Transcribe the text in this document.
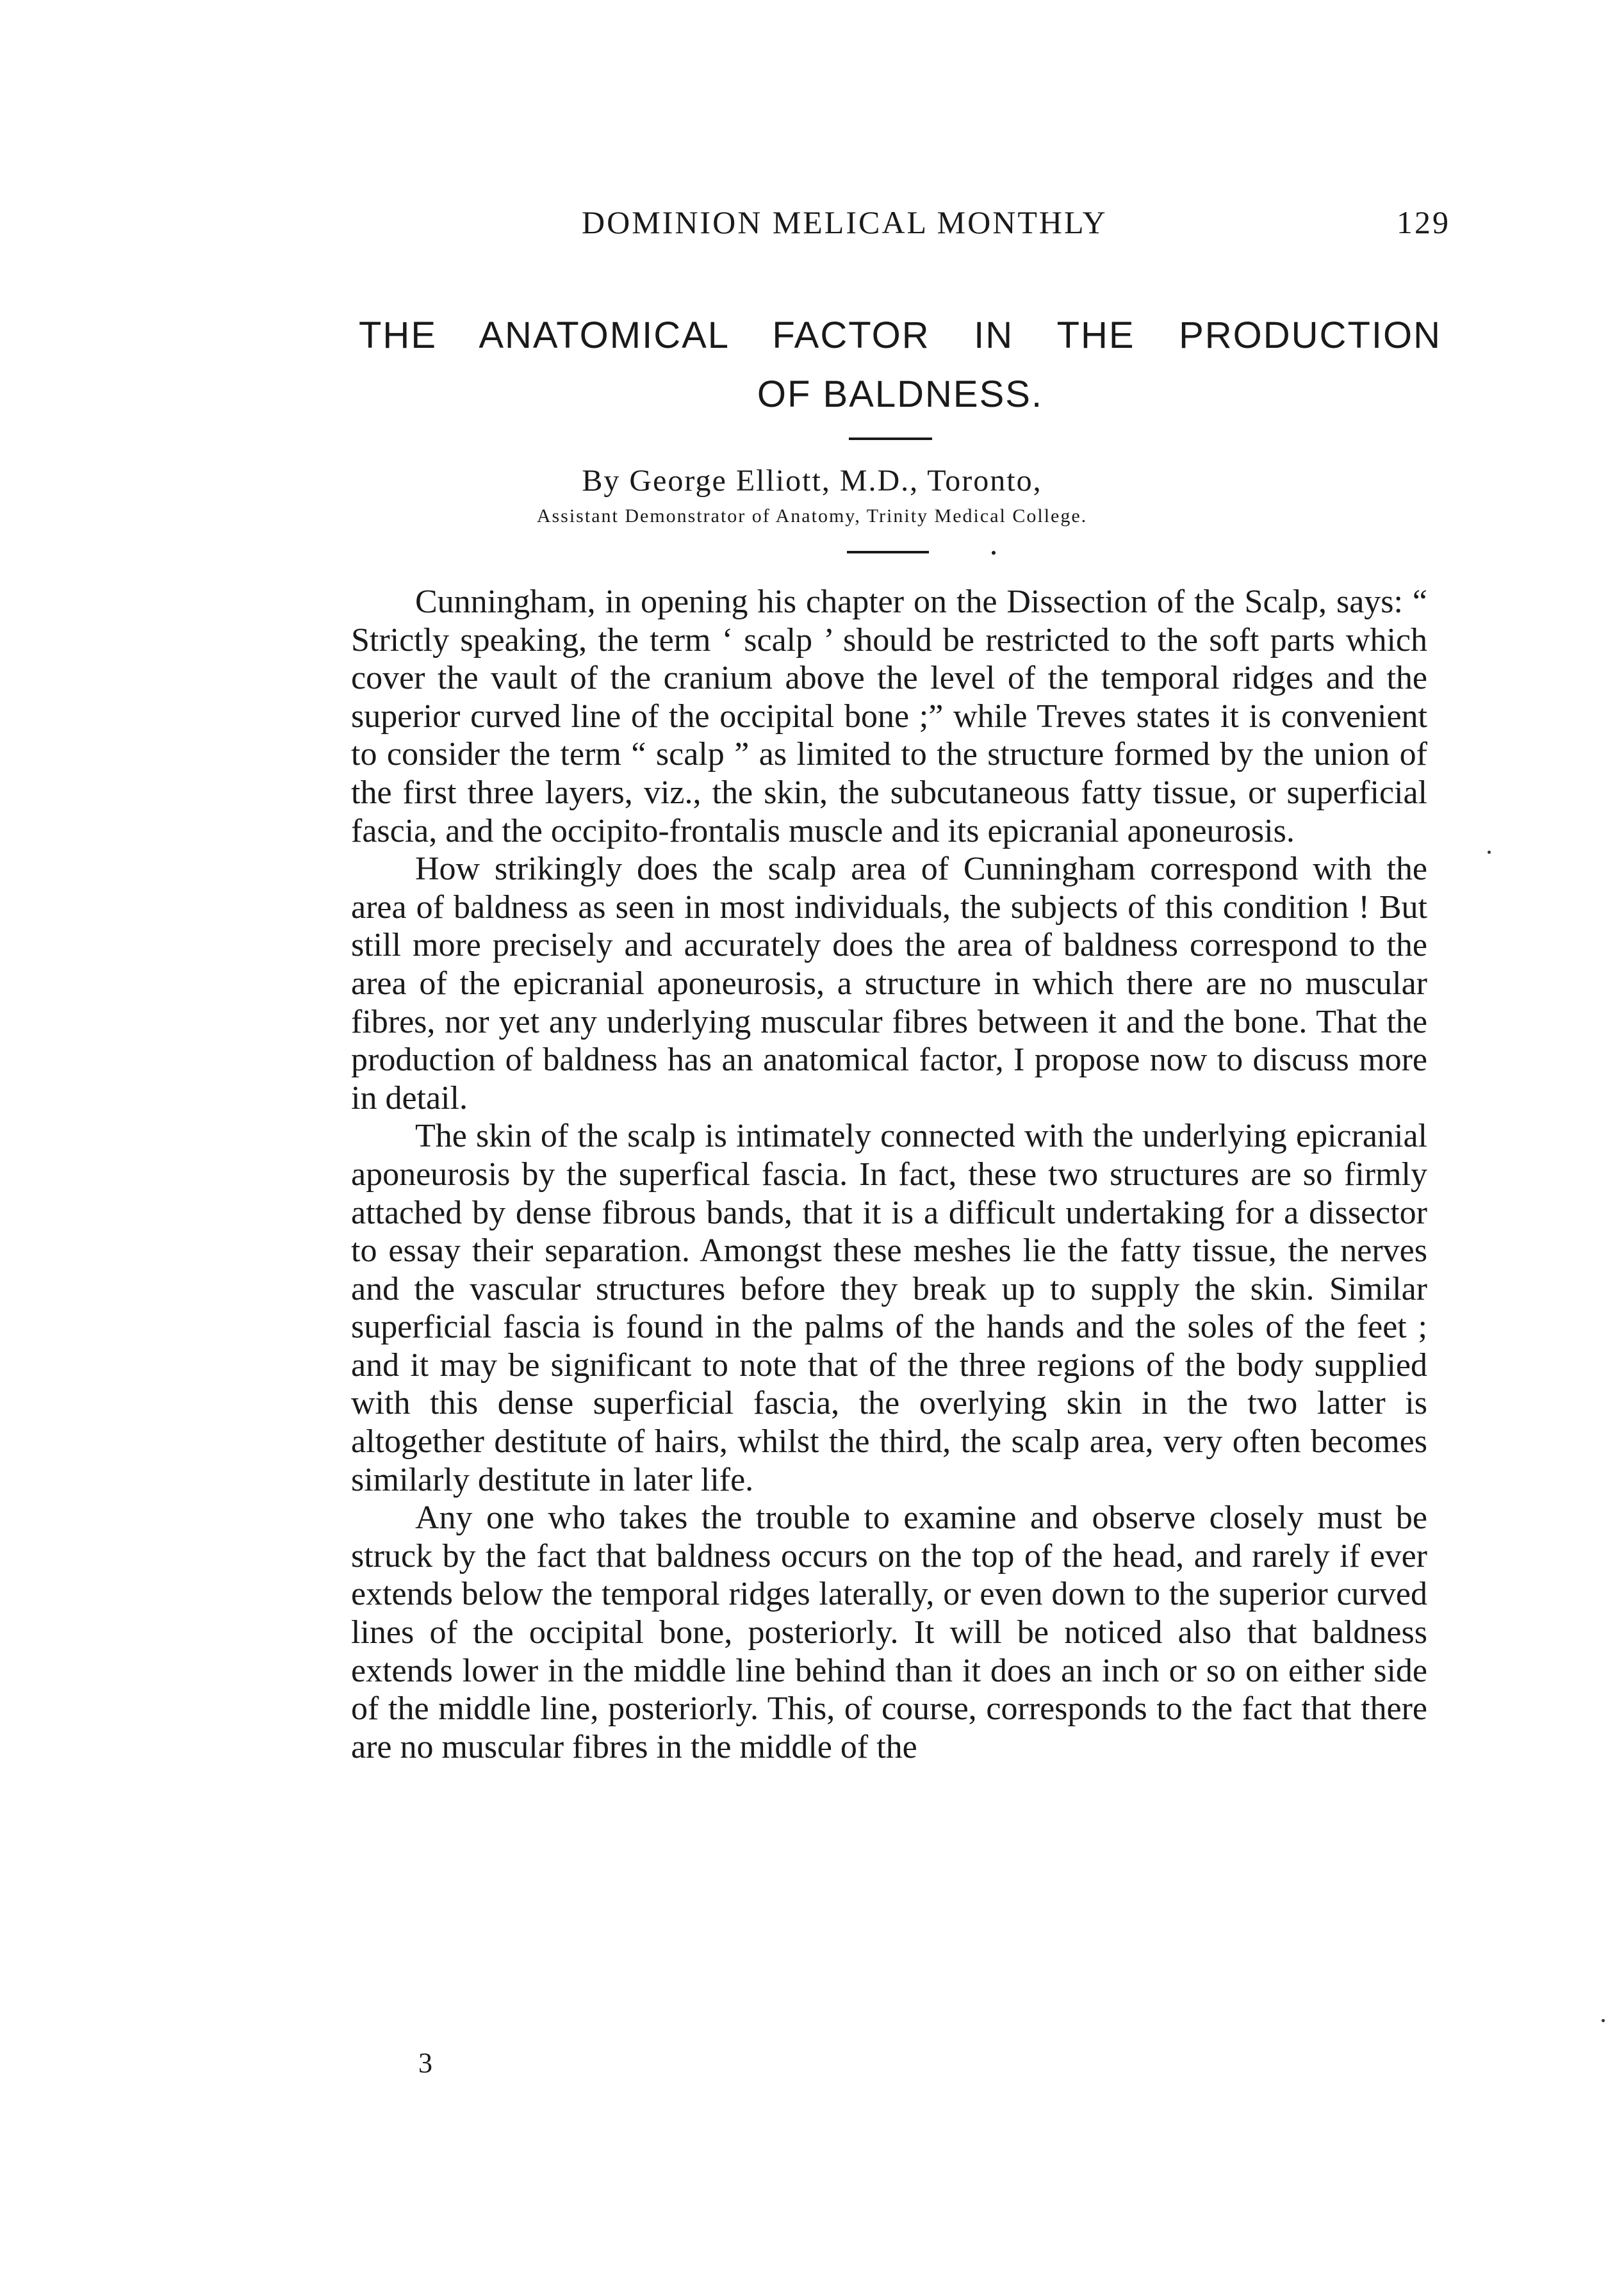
DOMINION MELICAL MONTHLY	129
THE ANATOMICAL FACTOR IN THE PRODUCTION
OF BALDNESS.
By George Elliott, M.D., Toronto,
Assistant Demonstrator of Anatomy, Trinity Medical College.

Cunningham, in opening his chapter on the Dissection of the Scalp, says: “ Strictly speaking, the term ‘ scalp ’ should be restricted to the soft parts which cover the vault of the cranium above the level of the temporal ridges and the superior curved line of the occipital bone ;” while Treves states it is convenient to consider the term “ scalp ” as limited to the structure formed by the union of the first three layers, viz., the skin, the subcutaneous fatty tissue, or superficial fascia, and the occipito-frontalis muscle and its epicranial aponeurosis.

How strikingly does the scalp area of Cunningham correspond with the area of baldness as seen in most individuals, the subjects of this condition ! But still more precisely and accurately does the area of baldness correspond to the area of the epicranial aponeurosis, a structure in which there are no muscular fibres, nor yet any underlying muscular fibres between it and the bone. That the production of baldness has an anatomical factor, I propose now to discuss more in detail.

The skin of the scalp is intimately connected with the underlying epicranial aponeurosis by the superfical fascia. In fact, these two structures are so firmly attached by dense fibrous bands, that it is a difficult undertaking for a dissector to essay their separation. Amongst these meshes lie the fatty tissue, the nerves and the vascular structures before they break up to supply the skin. Similar superficial fascia is found in the palms of the hands and the soles of the feet ; and it may be significant to note that of the three regions of the body supplied with this dense superficial fascia, the overlying skin in the two latter is altogether destitute of hairs, whilst the third, the scalp area, very often becomes similarly destitute in later life.

Any one who takes the trouble to examine and observe closely must be struck by the fact that baldness occurs on the top of the head, and rarely if ever extends below the temporal ridges laterally, or even down to the superior curved lines of the occipital bone, posteriorly. It will be noticed also that baldness extends lower in the middle line behind than it does an inch or so on either side of the middle line, posteriorly. This, of course, corresponds to the fact that there are no muscular fibres in the middle of the

3
